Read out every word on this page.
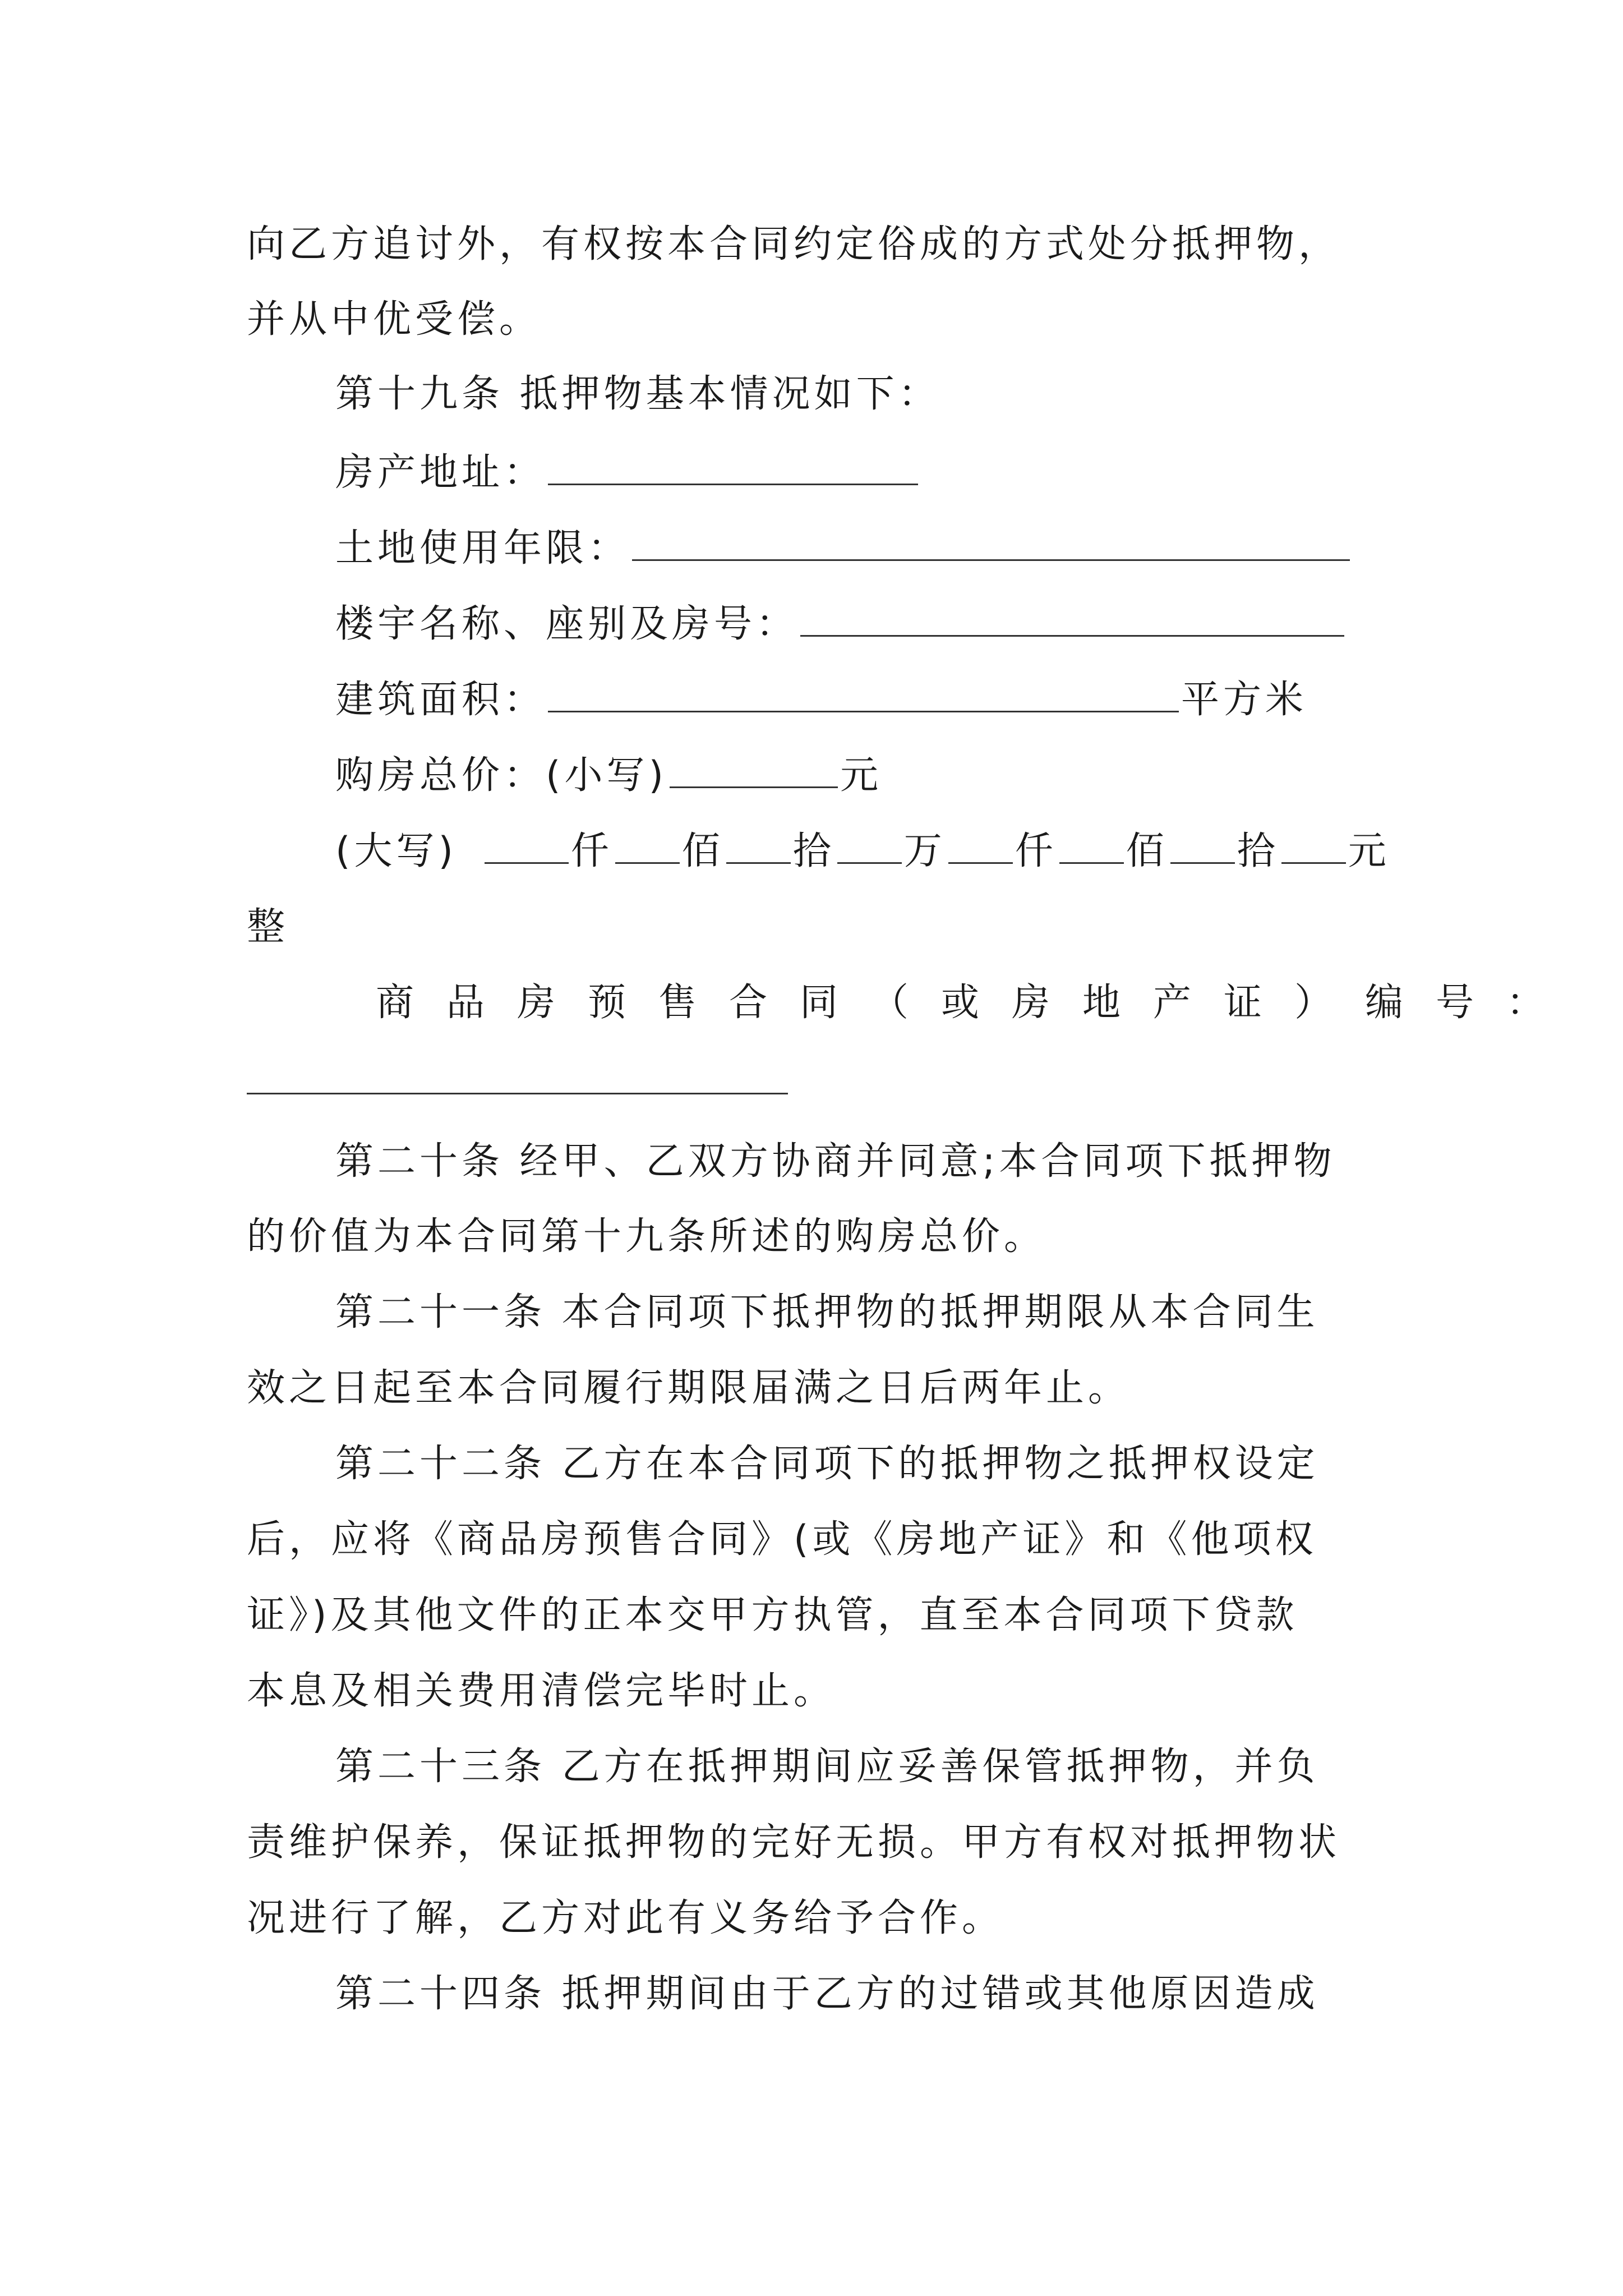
向乙方追讨外，有权按本合同约定俗成的方式处分抵押物，
并从中优受偿。
第十九条 抵押物基本情况如下：
房产地址：
土地使用年限：
楼宇名称、座别及房号：
建筑面积：	平方米
购房总价：(小写)	元
(大写)	仟 佰 拾 万 仟 佰 拾 元
整
商品房预售合同（或房地产证）编号：
第二十条 经甲、乙双方协商并同意;本合同项下抵押物
的价值为本合同第十九条所述的购房总价。
第二十一条 本合同项下抵押物的抵押期限从本合同生
效之日起至本合同履行期限届满之日后两年止。
第二十二条 乙方在本合同项下的抵押物之抵押权设定
后，应将《商品房预售合同》(或《房地产证》和《他项权
证》)及其他文件的正本交甲方执管，直至本合同项下贷款
本息及相关费用清偿完毕时止。
第二十三条 乙方在抵押期间应妥善保管抵押物，并负
责维护保养，保证抵押物的完好无损。甲方有权对抵押物状
况进行了解，乙方对此有义务给予合作。
第二十四条 抵押期间由于乙方的过错或其他原因造成
